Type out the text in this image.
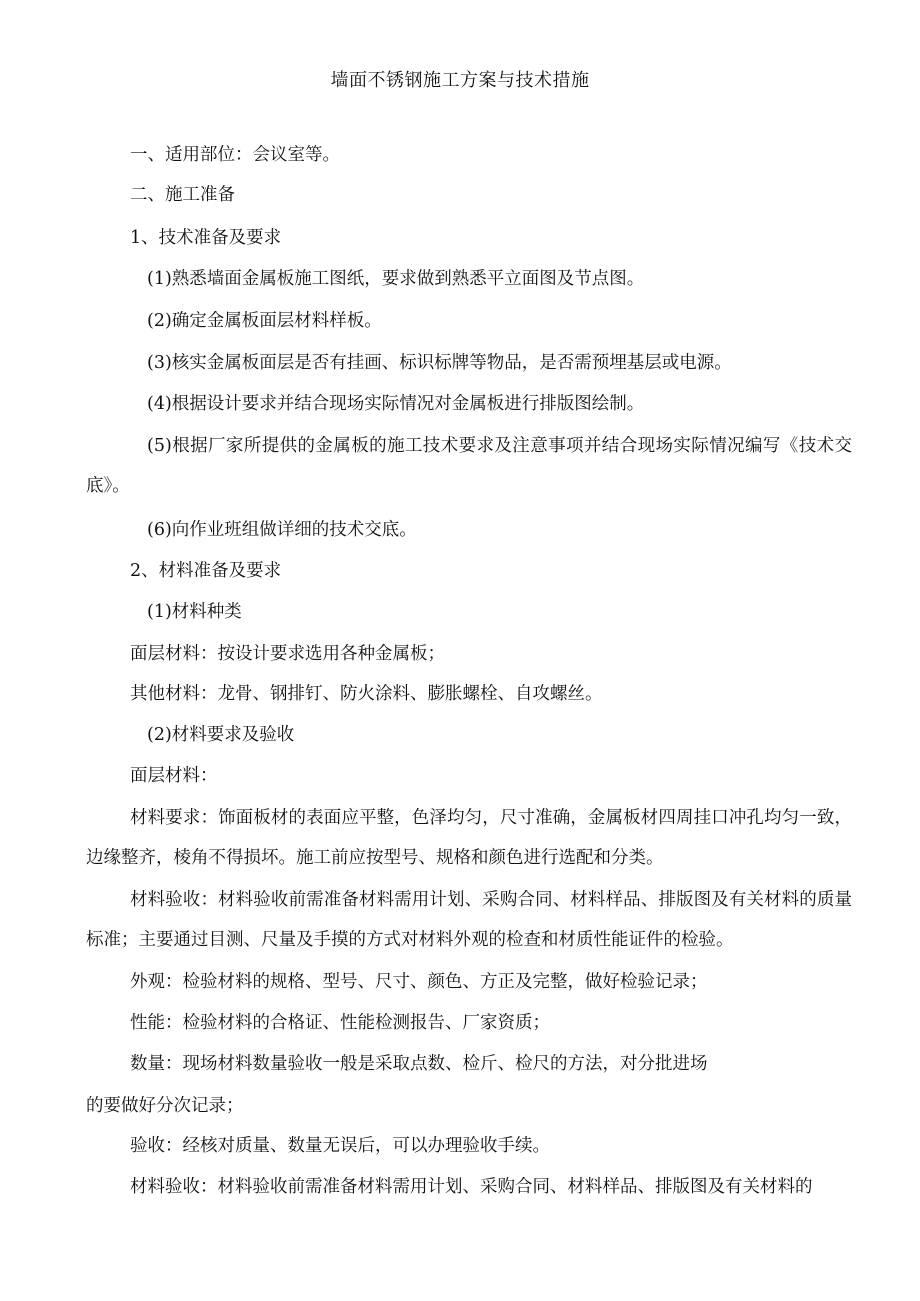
墙面不锈钢施工方案与技术措施
一、适用部位：会议室等。
二、施工准备
1、技术准备及要求
(1)熟悉墙面金属板施工图纸，要求做到熟悉平立面图及节点图。
(2)确定金属板面层材料样板。
(3)核实金属板面层是否有挂画、标识标牌等物品，是否需预埋基层或电源。
(4)根据设计要求并结合现场实际情况对金属板进行排版图绘制。
(5)根据厂家所提供的金属板的施工技术要求及注意事项并结合现场实际情况编写《技术交底》。
(6)向作业班组做详细的技术交底。
2、材料准备及要求
(1)材料种类
面层材料：按设计要求选用各种金属板；
其他材料：龙骨、钢排钉、防火涂料、膨胀螺栓、自攻螺丝。
(2)材料要求及验收
面层材料：
材料要求：饰面板材的表面应平整，色泽均匀，尺寸准确，金属板材四周挂口冲孔均匀一致，边缘整齐，棱角不得损坏。施工前应按型号、规格和颜色进行选配和分类。
材料验收：材料验收前需准备材料需用计划、采购合同、材料样品、排版图及有关材料的质量标准；主要通过目测、尺量及手摸的方式对材料外观的检查和材质性能证件的检验。
外观：检验材料的规格、型号、尺寸、颜色、方正及完整，做好检验记录；
性能：检验材料的合格证、性能检测报告、厂家资质；
数量：现场材料数量验收一般是采取点数、检斤、检尺的方法，对分批进场
的要做好分次记录；
验收：经核对质量、数量无误后，可以办理验收手续。
材料验收：材料验收前需准备材料需用计划、采购合同、材料样品、排版图及有关材料的
